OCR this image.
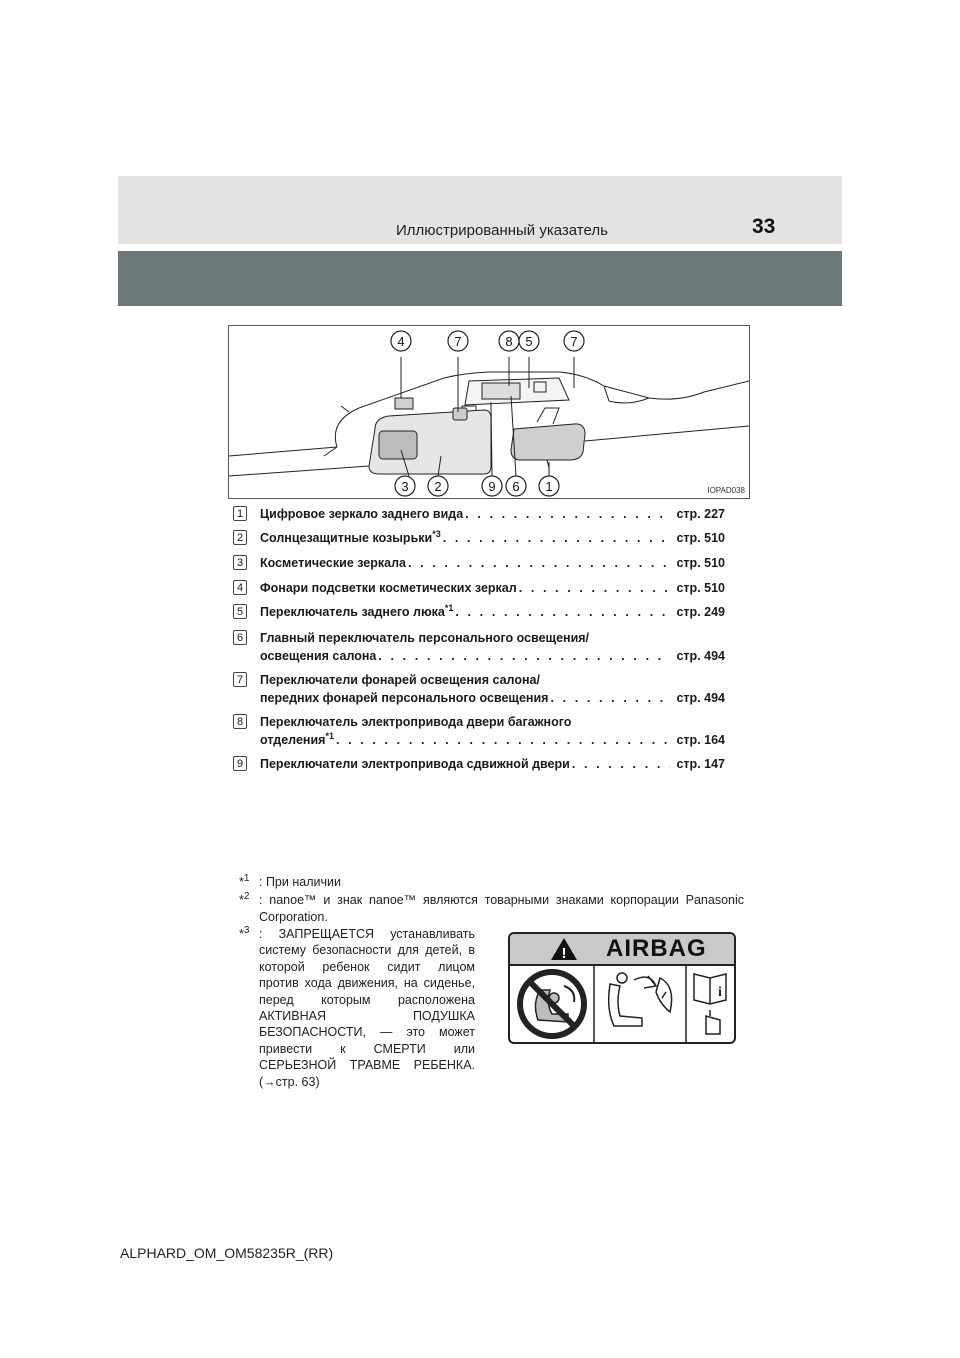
Иллюстрированный указатель	33
4	7	8 5	7
3 2	9 6 1	IOPAD038
1	Цифровое зеркало заднего вида . . .	стр. 227
2	Солнцезащитные козырьки$^{*3}$ . . .	стр. 510
3	Косметические зеркала . . .	стр. 510
4	Фонари подсветки косметических зеркал . . .	стр. 510
5	Переключатель заднего люка$^{*1}$ . . .	стр. 249
6	Главный переключатель персонального освещения/
освещения салона . . .	стр. 494
7	Переключатели фонарей освещения салона/
передних фонарей персонального освещения . . .	стр. 494
8	Переключатель электропривода двери багажного
отделения$^{*1}$ . . .	стр. 164
9	Переключатели электропривода сдвижной двери . . .	стр. 147
*$^1$ : При наличии
*$^2$ : nanoe™ и знак nanoe™ являются товарными знаками корпорации Panasonic Corporation.
*$^3$ : ЗАПРЕЩАЕТСЯ устанавливать систему безопасности для детей, в которой ребенок сидит лицом против хода движения, на сиденье, перед которым расположена АКТИВНАЯ ПОДУШКА БЕЗОПАСНОСТИ, — это может привести к СМЕРТИ или СЕРЬЕЗНОЙ ТРАВМЕ РЕБЕНКА. (→стр. 63)
! AIRBAG
i
ALPHARD_OM_OM58235R_(RR)
